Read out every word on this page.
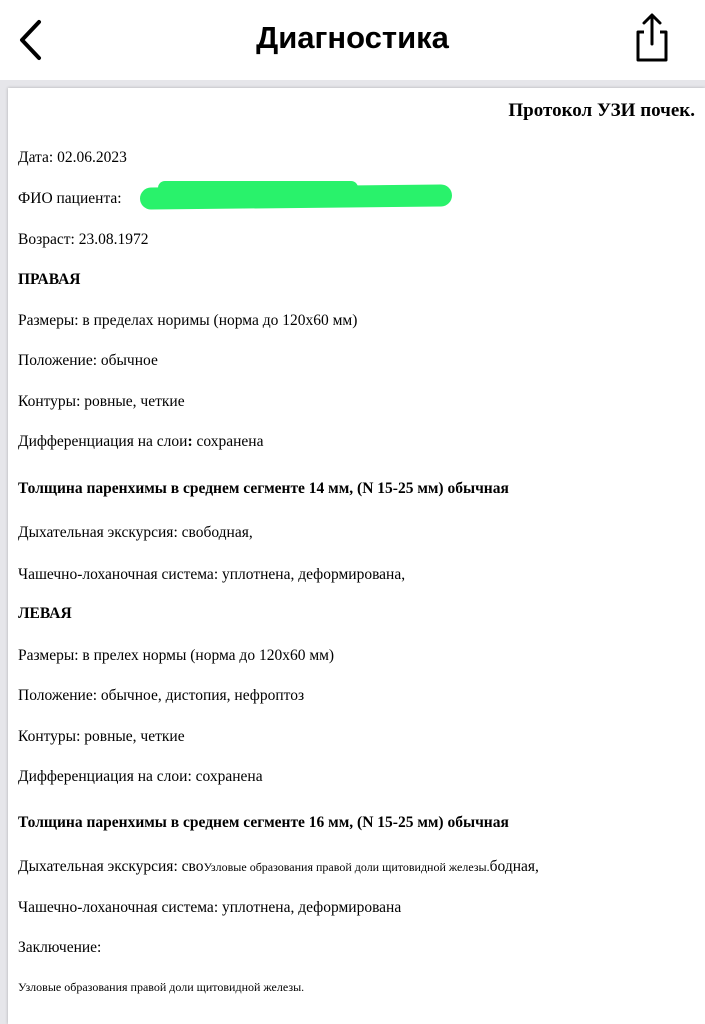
Диагностика
Протокол УЗИ почек.
Дата: 02.06.2023
ФИО пациента:
Возраст: 23.08.1972
ПРАВАЯ
Размеры: в пределах норимы (норма до 120х60 мм)
Положение: обычное
Контуры: ровные, четкие
Дифференциация на слои: сохранена
Толщина паренхимы в среднем сегменте 14 мм, (N 15-25 мм) обычная
Дыхательная экскурсия: свободная,
Чашечно-лоханочная система: уплотнена, деформирована,
ЛЕВАЯ
Размеры: в прелех нормы (норма до 120х60 мм)
Положение: обычное, дистопия, нефроптоз
Контуры: ровные, четкие
Дифференциация на слои: сохранена
Толщина паренхимы в среднем сегменте 16 мм, (N 15-25 мм) обычная
Дыхательная экскурсия: своУзловые образования правой доли щитовидной железы.бодная,
Чашечно-лоханочная система: уплотнена, деформирована
Заключение:
Узловые образования правой доли щитовидной железы.
